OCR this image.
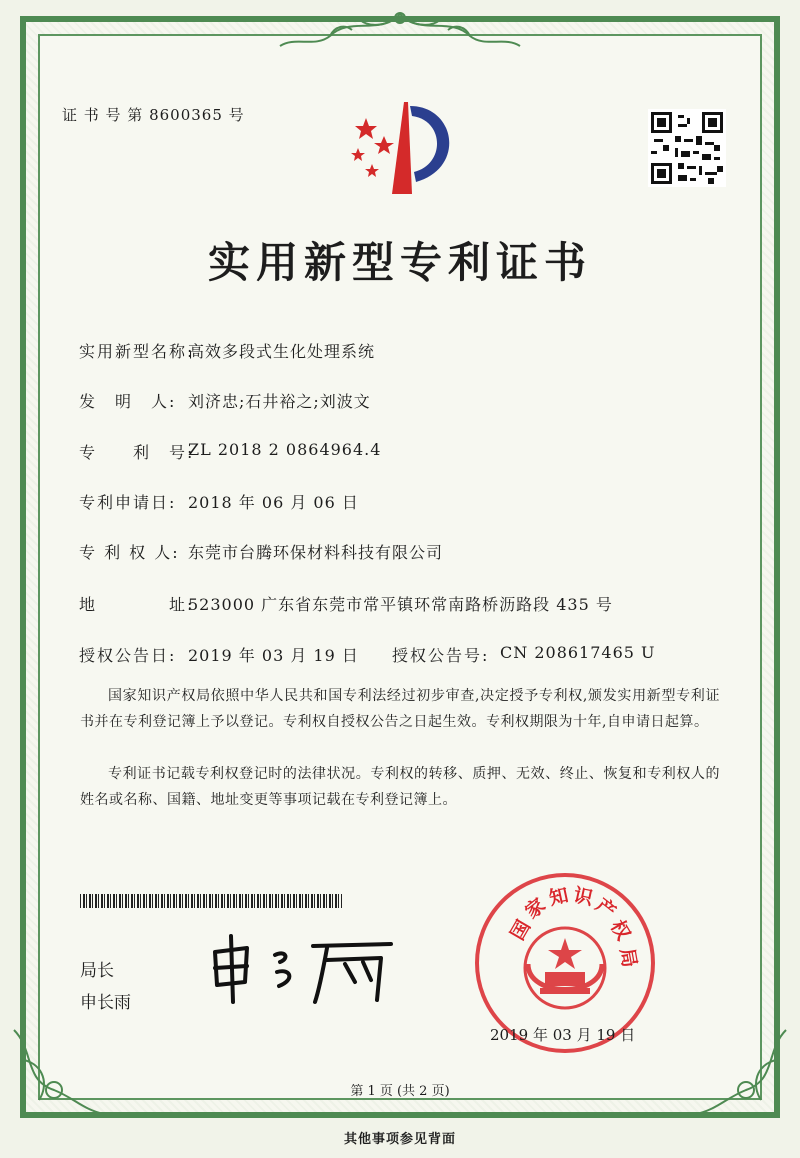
证 书 号 第 8600365 号
实用新型专利证书
实用新型名称:
高效多段式生化处理系统
发　明　人: 刘济忠;石井裕之;刘波文
专　　利　号:
ZL 2018 2 0864964.4
专利申请日: 2018 年 06 月 06 日
专 利 权 人: 东莞市台腾环保材料科技有限公司
地　　　　址:
523000 广东省东莞市常平镇环常南路桥沥路段 435 号
授权公告日: 2019 年 03 月 19 日 授权公告号: CN 208617465 U
国家知识产权局依照中华人民共和国专利法经过初步审查,决定授予专利权,颁发实用新型专利证书并在专利登记簿上予以登记。专利权自授权公告之日起生效。专利权期限为十年,自申请日起算。
专利证书记载专利权登记时的法律状况。专利权的转移、质押、无效、终止、恢复和专利权人的姓名或名称、国籍、地址变更等事项记载在专利登记簿上。
局长
申长雨
国
家
知 识
产
权
局
2019 年 03 月 19 日
第 1 页 (共 2 页)
其他事项参见背面
